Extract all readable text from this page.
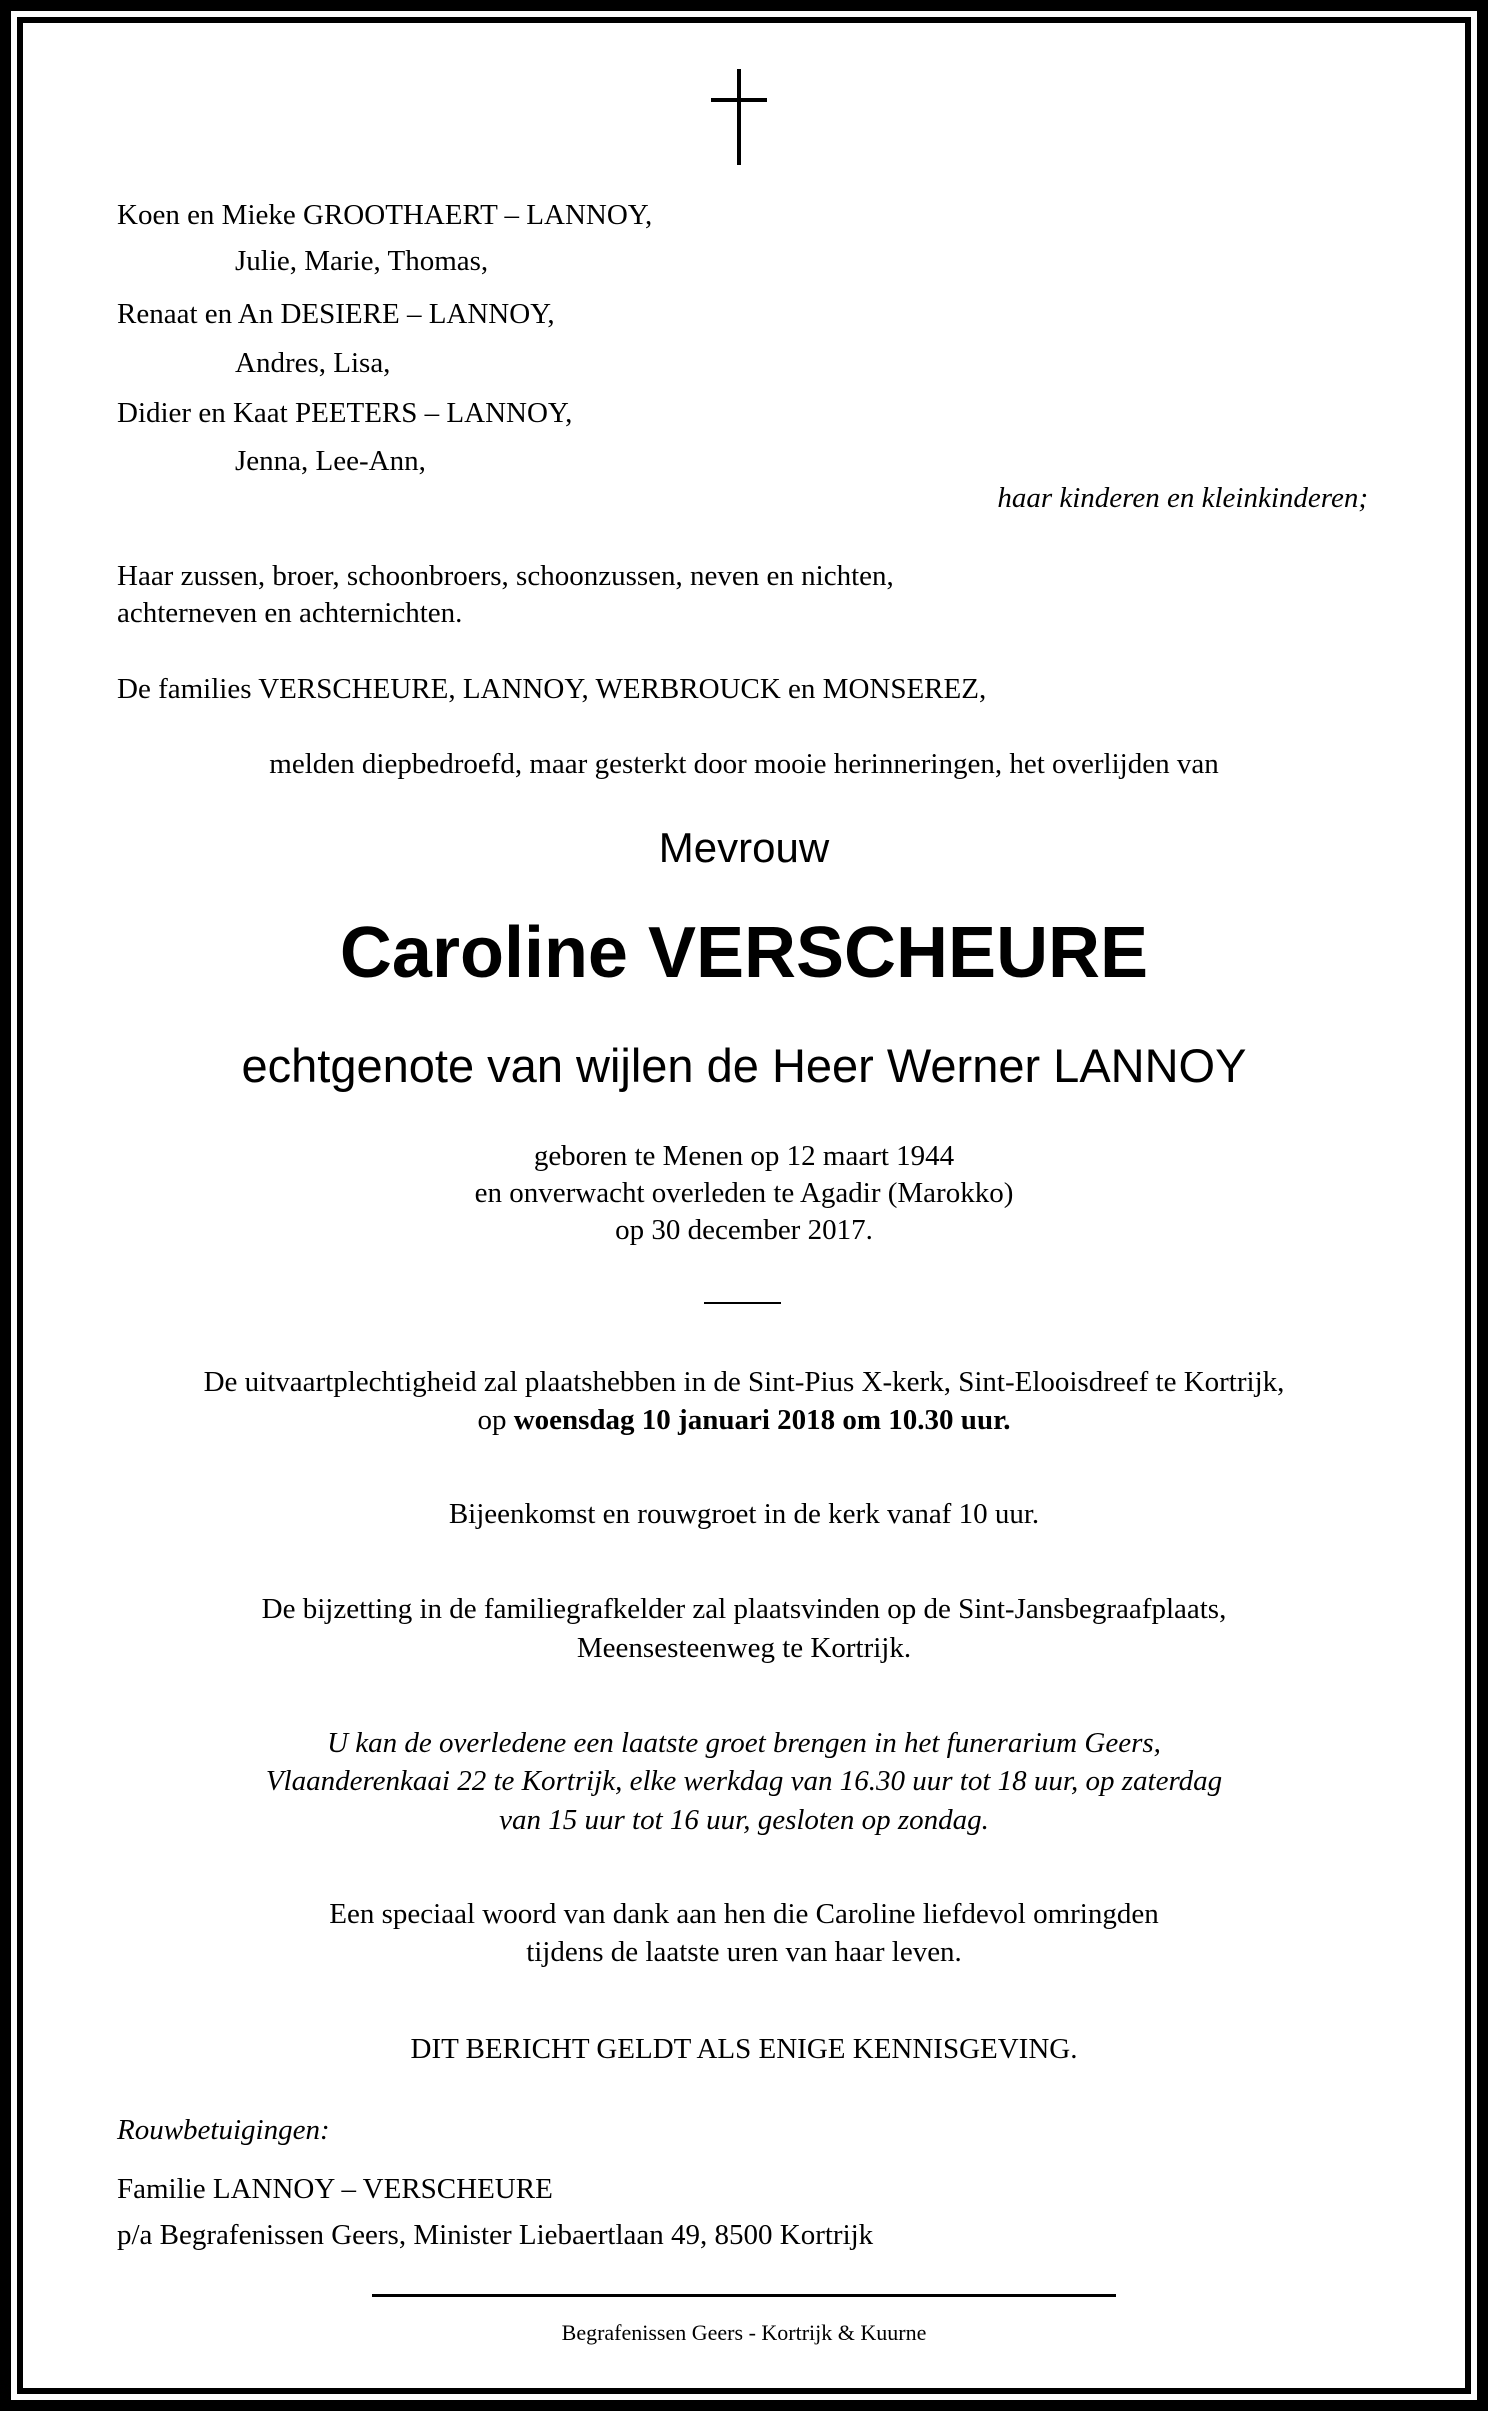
Koen en Mieke GROOTHAERT – LANNOY,
Julie, Marie, Thomas,
Renaat en An DESIERE – LANNOY,
Andres, Lisa,
Didier en Kaat PEETERS – LANNOY,
Jenna, Lee-Ann,
haar kinderen en kleinkinderen;
Haar zussen, broer, schoonbroers, schoonzussen, neven en nichten,
achterneven en achternichten.
De families VERSCHEURE, LANNOY, WERBROUCK en MONSEREZ,
melden diepbedroefd, maar gesterkt door mooie herinneringen, het overlijden van
Mevrouw
Caroline VERSCHEURE
echtgenote van wijlen de Heer Werner LANNOY
geboren te Menen op 12 maart 1944
en onverwacht overleden te Agadir (Marokko)
op 30 december 2017.
De uitvaartplechtigheid zal plaatshebben in de Sint-Pius X-kerk, Sint-Elooisdreef te Kortrijk,
op woensdag 10 januari 2018 om 10.30 uur.
Bijeenkomst en rouwgroet in de kerk vanaf 10 uur.
De bijzetting in de familiegrafkelder zal plaatsvinden op de Sint-Jansbegraafplaats,
Meensesteenweg te Kortrijk.
U kan de overledene een laatste groet brengen in het funerarium Geers,
Vlaanderenkaai 22 te Kortrijk, elke werkdag van 16.30 uur tot 18 uur, op zaterdag
van 15 uur tot 16 uur, gesloten op zondag.
Een speciaal woord van dank aan hen die Caroline liefdevol omringden
tijdens de laatste uren van haar leven.
DIT BERICHT GELDT ALS ENIGE KENNISGEVING.
Rouwbetuigingen:
Familie LANNOY – VERSCHEURE
p/a Begrafenissen Geers, Minister Liebaertlaan 49, 8500 Kortrijk
Begrafenissen Geers - Kortrijk & Kuurne
